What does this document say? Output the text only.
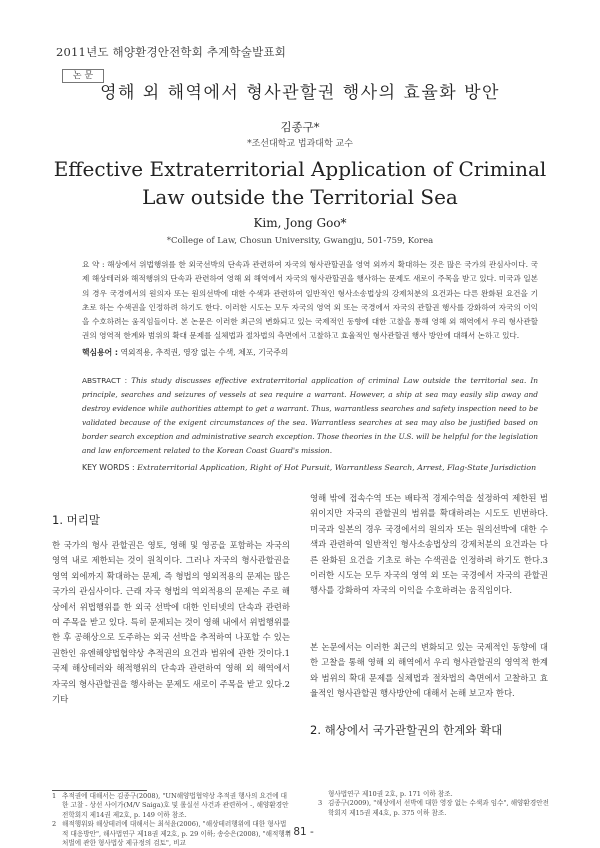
2011년도 해양환경안전학회 추계학술발표회
논 문
영해 외 해역에서 형사관할권 행사의 효율화 방안
김종구*
*조선대학교 법과대학 교수
Effective Extraterritorial Application of Criminal Law outside the Territorial Sea
Kim, Jong Goo*
*College of Law, Chosun University, Gwangju, 501-759, Korea
요 약 : 해상에서 위법행위를 한 외국선박의 단속과 관련하여 자국의 형사관할권을 영역 외까지 확대하는 것은 많은 국가의 관심사이다. 국제 해상테러와 해적행위의 단속과 관련하여 영해 외 해역에서 자국의 형사관할권을 행사하는 문제도 새로이 주목을 받고 있다. 미국과 일본의 경우 국경에서의 원의자 또는 원의선박에 대한 수색과 관련하여 일반적인 형사소송법상의 강제처분의 요건과는 다른 완화된 요건을 기초로 하는 수색권을 인정하려 하기도 한다. 이러한 시도는 모두 자국의 영역 외 또는 국경에서 자국의 관할권 행사를 강화하여 자국의 이익을 수호하려는 움직임들이다. 본 논문은 이러한 최근의 변화되고 있는 국제적인 동향에 대한 고찰을 통해 영해 외 해역에서 우리 형사관할권의 영역적 한계와 범위의 확대 문제를 실체법과 절차법의 측면에서 고찰하고 효율적인 형사관할권 행사 방안에 대해서 논하고 있다.
핵심용어 : 역외적용, 추적권, 영장 없는 수색, 체포, 기국주의
ABSTRACT : This study discusses effective extraterritorial application of criminal Law outside the territorial sea. In principle, searches and seizures of vessels at sea require a warrant. However, a ship at sea may easily slip away and destroy evidence while authorities attempt to get a warrant. Thus, warrantless searches and safety inspection need to be validated because of the exigent circumstances of the sea. Warrantless searches at sea may also be justified based on border search exception and administrative search exception. Those theories in the U.S. will be helpful for the legislation and law enforcement related to the Korean Coast Guard's mission.
KEY WORDS : Extraterritorial Application, Right of Hot Pursuit, Warrantless Search, Arrest, Flag-State Jurisdiction
1. 머리말
한 국가의 형사 관할권은 영토, 영해 및 영공을 포함하는 자국의 영역 내로 제한되는 것이 원칙이다. 그러나 자국의 형사관할권을 영역 외에까지 확대하는 문제, 즉 형법의 영외적용의 문제는 많은 국가의 관심사이다. 근래 자국 형법의 역외적용의 문제는 주로 해상에서 위법행위를 한 외국 선박에 대한 인터넷의 단속과 관련하여 주목을 받고 있다. 특히 문제되는 것이 영해 내에서 위법행위를 한 후 공해상으로 도주하는 외국 선박을 추적하여 나포할 수 있는 권한인 유엔해양법협약상 추적권의 요건과 범위에 관한 것이다.1 국제 해상테러와 해적행위의 단속과 관련하여 영해 외 해역에서 자국의 형사관할권을 행사하는 문제도 새로이 주목을 받고 있다.2 기타
영해 밖에 접속수역 또는 배타적 경제수역을 설정하여 제한된 범위이지만 자국의 관할권의 범위를 확대하려는 시도도 빈번하다. 미국과 일본의 경우 국경에서의 원의자 또는 원의선박에 대한 수색과 관련하여 일반적인 형사소송법상의 강제처분의 요건과는 다른 완화된 요건을 기초로 하는 수색권을 인정하려 하기도 한다.3 이러한 시도는 모두 자국의 영역 외 또는 국경에서 자국의 관할권 행사를 강화하여 자국의 이익을 수호하려는 움직임이다.
본 논문에서는 이러한 최근의 변화되고 있는 국제적인 동향에 대한 고찰을 통해 영해 외 해역에서 우리 형사관할권의 영역적 한계와 범위의 확대 문제를 실체법과 절차법의 측면에서 고찰하고 효율적인 형사관할권 행사방안에 대해서 논해 보고자 한다.
2. 해상에서 국가관할권의 한계와 확대
1 추적권에 대해서는 김종구(2008), "UN해양법협약상 추적권 행사의 요건에 대한 고찰 - 상선 사이가(M/V Saiga)호 및 롤실선 사건과 관련하여 -, 해양환경안전학회지 제14권 제2호, p. 149 이하 참조.
2 해적행위와 해상테러에 대해서는 최석윤(2006), "해상테러행위에 대한 형사법적 대응방안", 해사법연구 제18권 제2호, p. 29 이하; 송승은(2008), "해적행위 처벌에 관한 형사법상 제규정의 검토", 비교
형사법연구 제10권 2호, p. 171 이하 참조.
3 김종구(2009), "해상에서 선박에 대한 영장 없는 수색과 임수", 해양환경안전학회지 제15권 제4호, p. 375 이하 참조.
- 81 -
